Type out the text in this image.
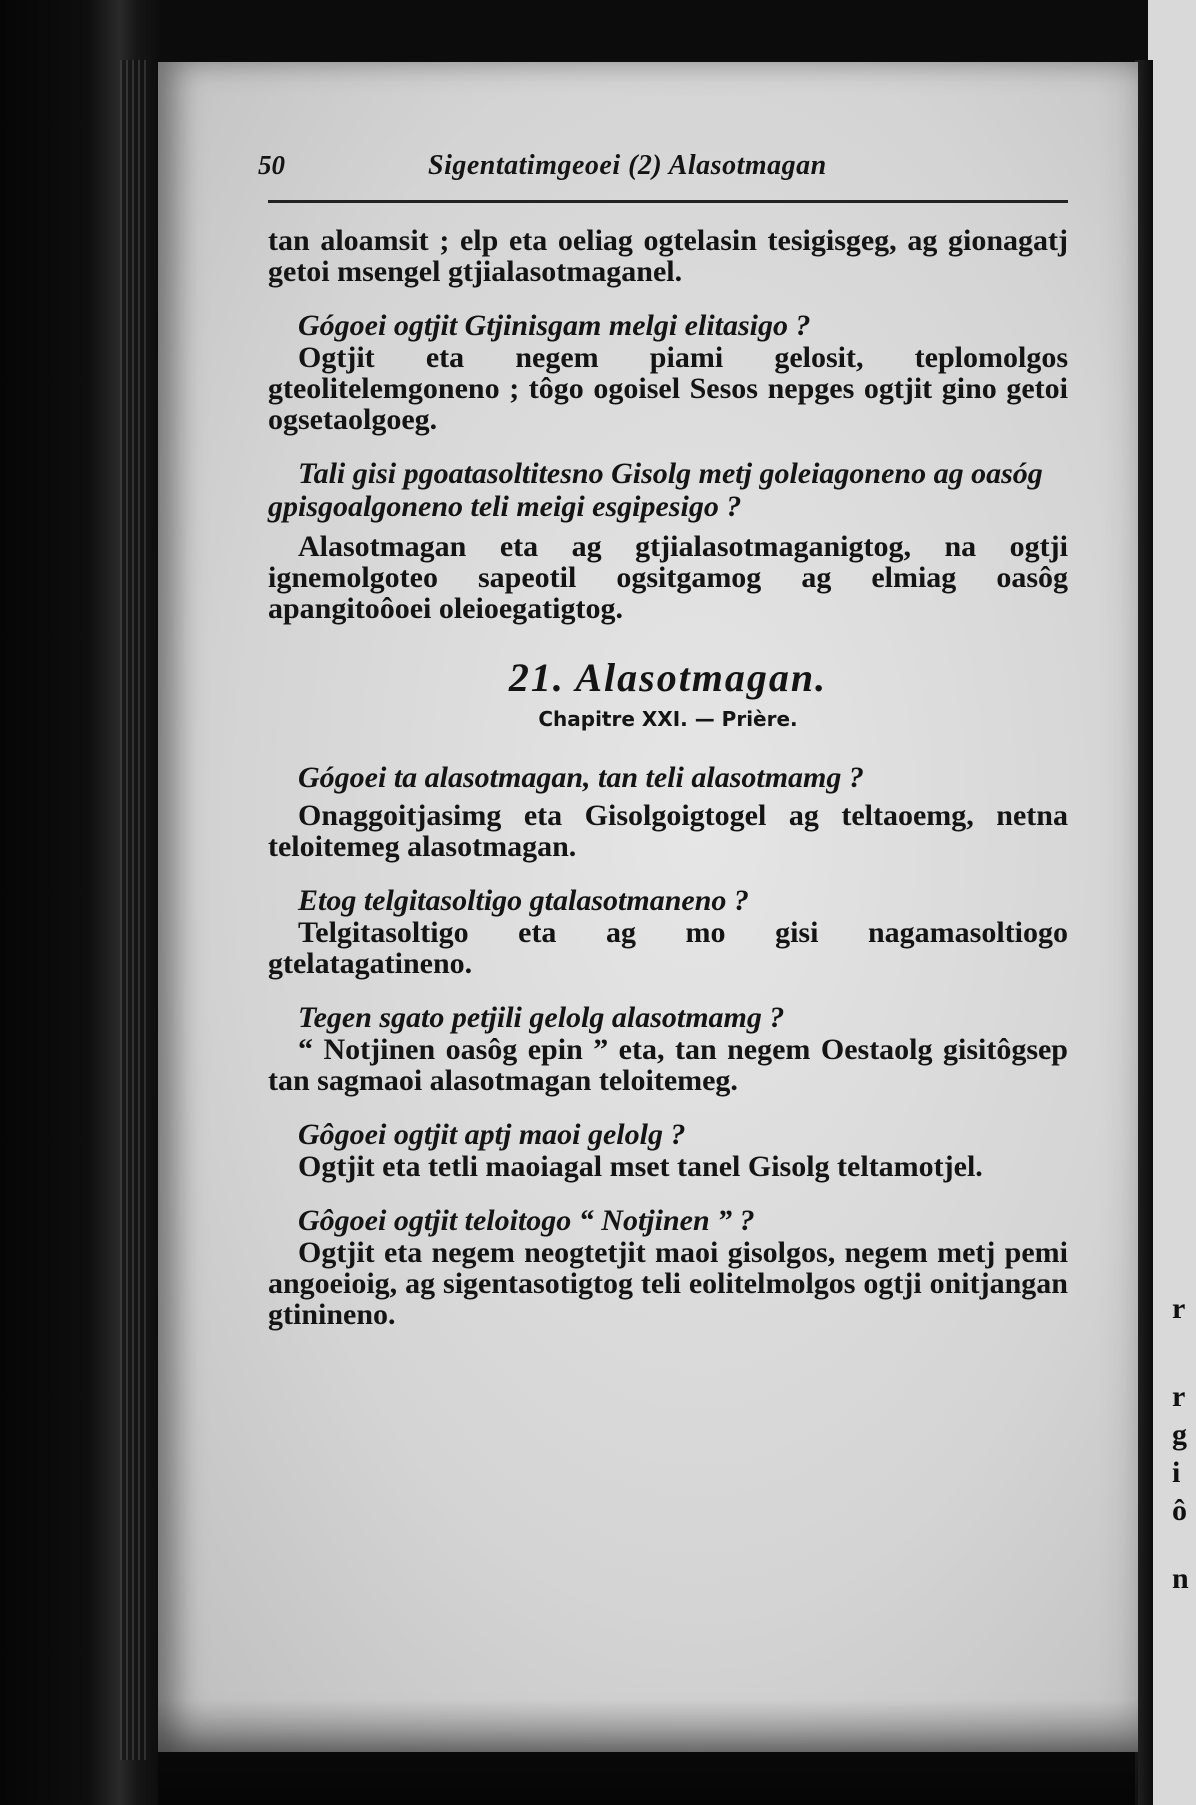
r
r
g
i
ô
n
50	Sigentatimgeoei (2) Alasotmagan

tan aloamsit ; elp eta oeliag ogtelasin tesigisgeg, ag gionagatj getoi msengel gtjialasotmaganel.

Gógoei ogtjit Gtjinisgam melgi elitasigo ?

Ogtjit eta negem piami gelosit, teplomolgos gteolitelemgoneno ; tôgo ogoisel Sesos nepges ogtjit gino getoi ogsetaolgoeg.

Tali gisi pgoatasoltitesno Gisolg metj goleiagoneno ag oasóg gpisgoalgoneno teli meigi esgipesigo ?

Alasotmagan eta ag gtjialasotmaganigtog, na ogtji ignemolgoteo sapeotil ogsitgamog ag elmiag oasôg apangitoôoei oleioegatigtog.

21. Alasotmagan.

Chapitre XXI. — Prière.

Gógoei ta alasotmagan, tan teli alasotmamg ?

Onaggoitjasimg eta Gisolgoigtogel ag teltaoemg, netna teloitemeg alasotmagan.

Etog telgitasoltigo gtalasotmaneno ?

Telgitasoltigo eta ag mo gisi nagamasoltiogo gtelatagatineno.

Tegen sgato petjili gelolg alasotmamg ?

“ Notjinen oasôg epin ” eta, tan negem Oestaolg gisitôgsep tan sagmaoi alasotmagan teloitemeg.

Gôgoei ogtjit aptj maoi gelolg ?

Ogtjit eta tetli maoiagal mset tanel Gisolg teltamotjel.

Gôgoei ogtjit teloitogo “ Notjinen ” ?

Ogtjit eta negem neogtetjit maoi gisolgos, negem metj pemi angoeioig, ag sigentasotigtog teli eolitelmolgos ogtji onitjangan gtinineno.
